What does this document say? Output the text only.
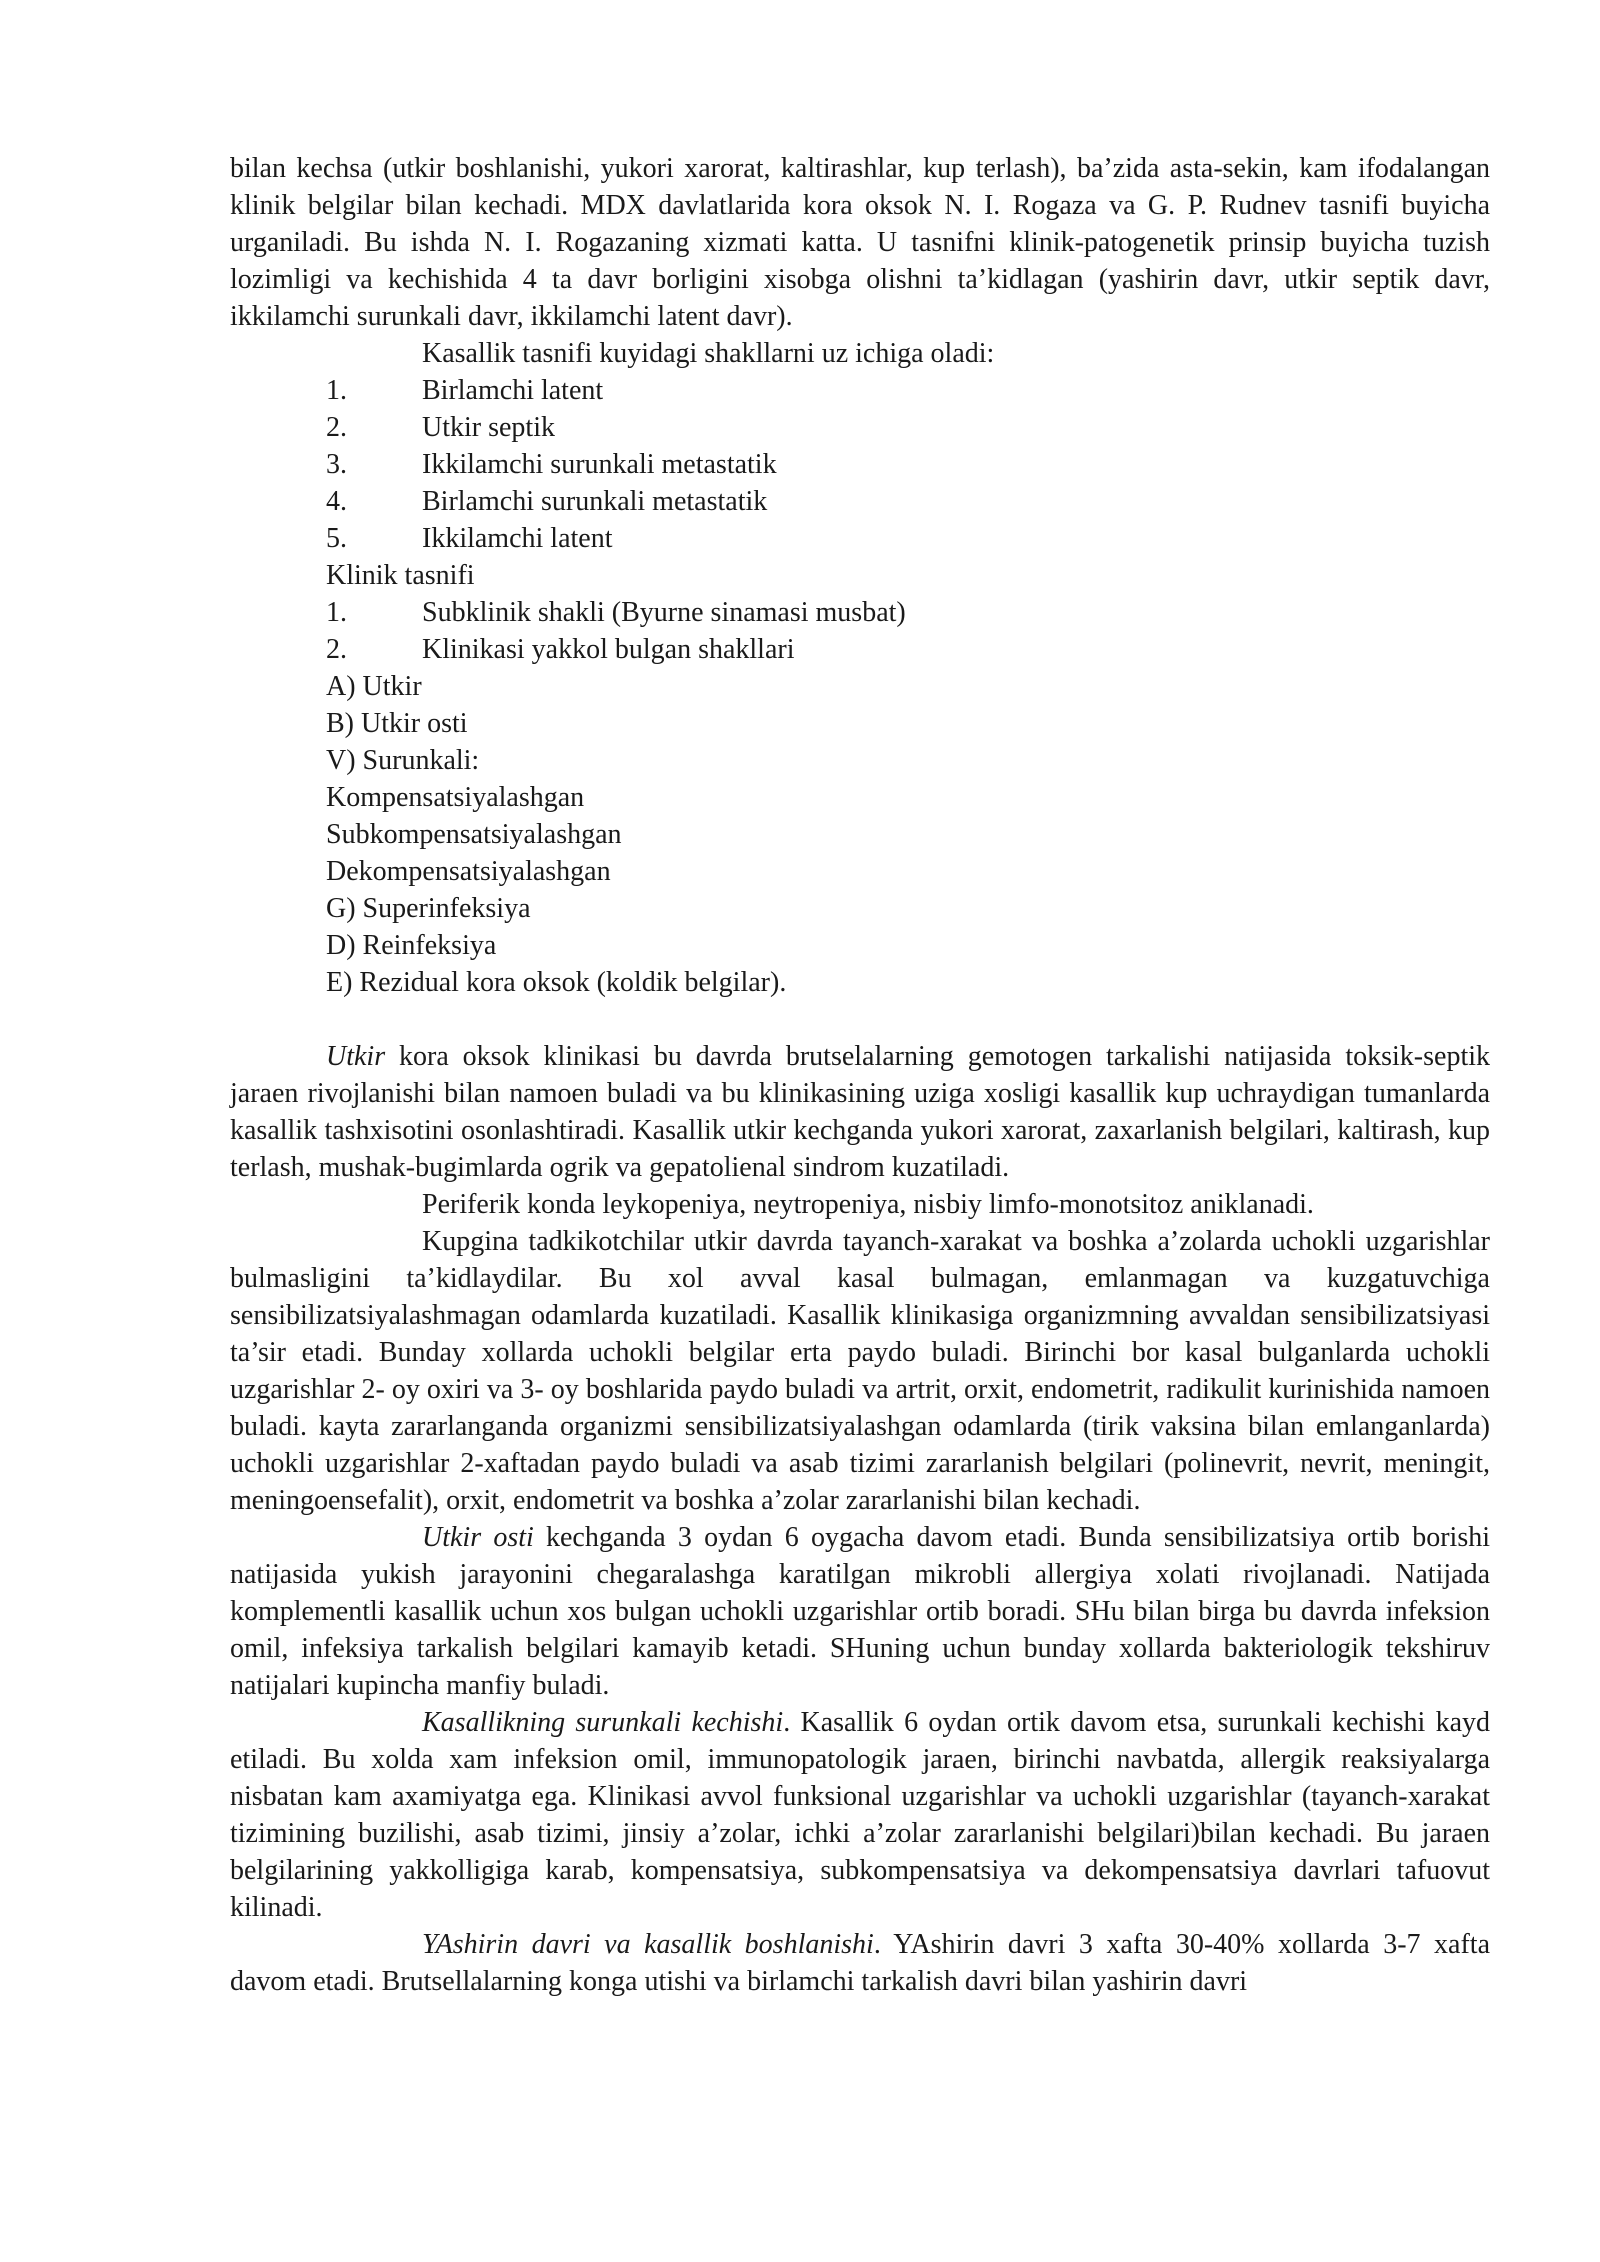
bilan kechsa (utkir boshlanishi, yukori xarorat, kaltirashlar, kup terlash), ba’zida asta-sekin, kam ifodalangan klinik belgilar bilan kechadi. MDX davlatlarida kora oksok N. I. Rogaza va G. P. Rudnev tasnifi buyicha urganiladi. Bu ishda N. I. Rogazaning xizmati katta. U tasnifni klinik-patogenetik prinsip buyicha tuzish lozimligi va kechishida 4 ta davr borligini xisobga olishni ta’kidlagan (yashirin davr, utkir septik davr, ikkilamchi surunkali davr, ikkilamchi latent davr).

Kasallik tasnifi kuyidagi shakllarni uz ichiga oladi:

1.	Birlamchi latent
2.	Utkir septik
3.	Ikkilamchi surunkali metastatik
4.	Birlamchi surunkali metastatik
5.	Ikkilamchi latent

Klinik tasnifi

1.	Subklinik shakli (Byurne sinamasi musbat)
2.	Klinikasi yakkol bulgan shakllari

A) Utkir

B) Utkir osti

V) Surunkali:

Kompensatsiyalashgan

Subkompensatsiyalashgan

Dekompensatsiyalashgan

G) Superinfeksiya

D) Reinfeksiya

E) Rezidual kora oksok (koldik belgilar).

Utkir kora oksok klinikasi bu davrda brutselalarning gemotogen tarkalishi natijasida toksik-septik jaraen rivojlanishi bilan namoen buladi va bu klinikasining uziga xosligi kasallik kup uchraydigan tumanlarda kasallik tashxisotini osonlashtiradi. Kasallik utkir kechganda yukori xarorat, zaxarlanish belgilari, kaltirash, kup terlash, mushak-bugimlarda ogrik va gepatolienal sindrom kuzatiladi.

Periferik konda leykopeniya, neytropeniya, nisbiy limfo-monotsitoz aniklanadi.

Kupgina tadkikotchilar utkir davrda tayanch-xarakat va boshka a’zolarda uchokli uzgarishlar bulmasligini ta’kidlaydilar. Bu xol avval kasal bulmagan, emlanmagan va kuzgatuvchiga sensibilizatsiyalashmagan odamlarda kuzatiladi. Kasallik klinikasiga organizmning avvaldan sensibilizatsiyasi ta’sir etadi. Bunday xollarda uchokli belgilar erta paydo buladi. Birinchi bor kasal bulganlarda uchokli uzgarishlar 2- oy oxiri va 3- oy boshlarida paydo buladi va artrit, orxit, endometrit, radikulit kurinishida namoen buladi. kayta zararlanganda organizmi sensibilizatsiyalashgan odamlarda (tirik vaksina bilan emlanganlarda) uchokli uzgarishlar 2-xaftadan paydo buladi va asab tizimi zararlanish belgilari (polinevrit, nevrit, meningit, meningoensefalit), orxit, endometrit va boshka a’zolar zararlanishi bilan kechadi.

Utkir osti kechganda 3 oydan 6 oygacha davom etadi. Bunda sensibilizatsiya ortib borishi natijasida yukish jarayonini chegaralashga karatilgan mikrobli allergiya xolati rivojlanadi. Natijada komplementli kasallik uchun xos bulgan uchokli uzgarishlar ortib boradi. SHu bilan birga bu davrda infeksion omil, infeksiya tarkalish belgilari kamayib ketadi. SHuning uchun bunday xollarda bakteriologik tekshiruv natijalari kupincha manfiy buladi.

Kasallikning surunkali kechishi. Kasallik 6 oydan ortik davom etsa, surunkali kechishi kayd etiladi. Bu xolda xam infeksion omil, immunopatologik jaraen, birinchi navbatda, allergik reaksiyalarga nisbatan kam axamiyatga ega. Klinikasi avvol funksional uzgarishlar va uchokli uzgarishlar (tayanch-xarakat tizimining buzilishi, asab tizimi, jinsiy a’zolar, ichki a’zolar zararlanishi belgilari)bilan kechadi. Bu jaraen belgilarining yakkolligiga karab, kompensatsiya, subkompensatsiya va dekompensatsiya davrlari tafuovut kilinadi.

YAshirin davri va kasallik boshlanishi. YAshirin davri 3 xafta 30-40% xollarda 3-7 xafta davom etadi. Brutsellalarning konga utishi va birlamchi tarkalish davri bilan yashirin davri
